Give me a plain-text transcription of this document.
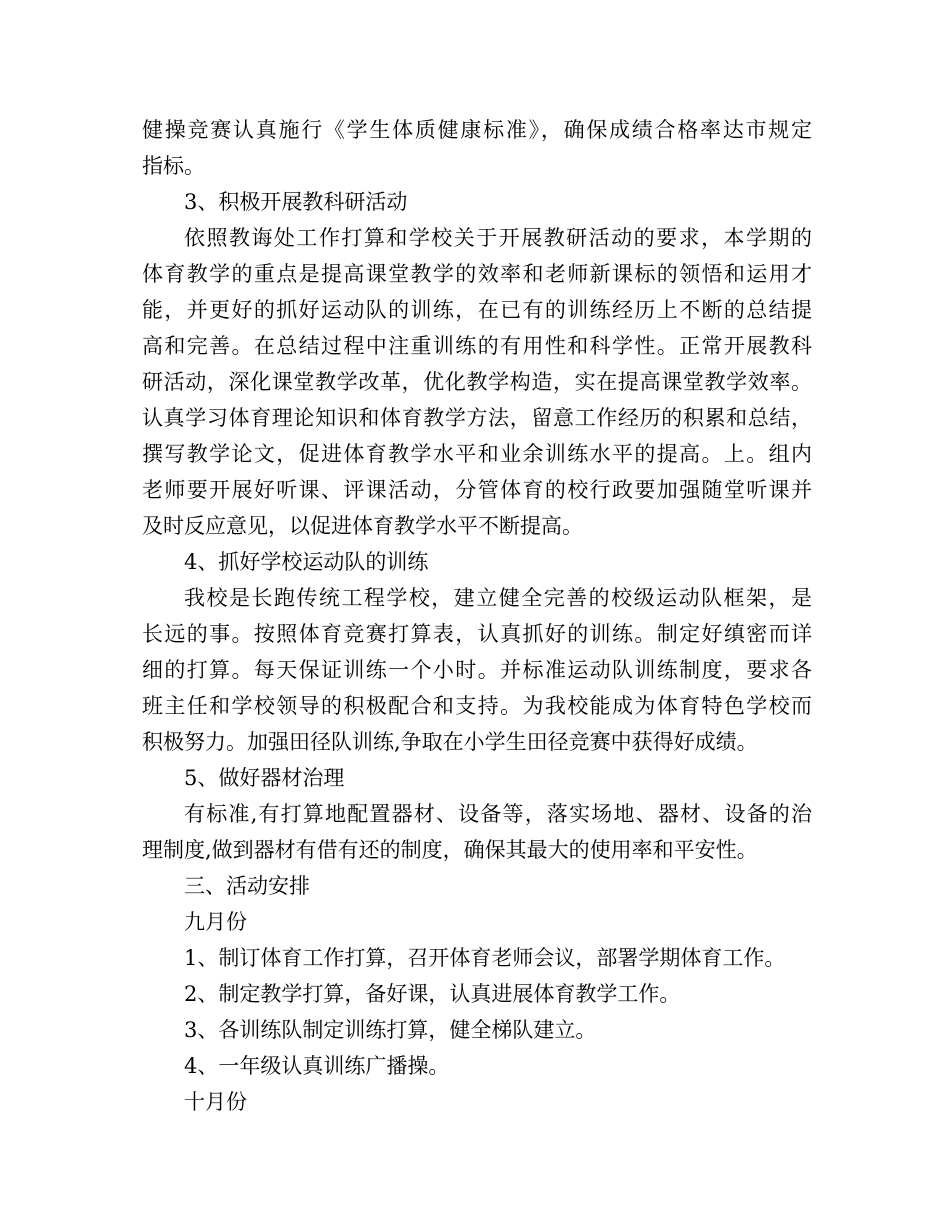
健操竞赛认真施行《学生体质健康标准》，确保成绩合格率达市规定
指标。
3、积极开展教科研活动
依照教诲处工作打算和学校关于开展教研活动的要求，本学期的
体育教学的重点是提高课堂教学的效率和老师新课标的领悟和运用才
能，并更好的抓好运动队的训练，在已有的训练经历上不断的总结提
高和完善。在总结过程中注重训练的有用性和科学性。正常开展教科
研活动，深化课堂教学改革，优化教学构造，实在提高课堂教学效率。
认真学习体育理论知识和体育教学方法，留意工作经历的积累和总结，
撰写教学论文，促进体育教学水平和业余训练水平的提高。上。组内
老师要开展好听课、评课活动，分管体育的校行政要加强随堂听课并
及时反应意见，以促进体育教学水平不断提高。
4、抓好学校运动队的训练
我校是长跑传统工程学校，建立健全完善的校级运动队框架，是
长远的事。按照体育竞赛打算表，认真抓好的训练。制定好缜密而详
细的打算。每天保证训练一个小时。并标准运动队训练制度，要求各
班主任和学校领导的积极配合和支持。为我校能成为体育特色学校而
积极努力。加强田径队训练,争取在小学生田径竞赛中获得好成绩。
5、做好器材治理
有标准,有打算地配置器材、设备等，落实场地、器材、设备的治
理制度,做到器材有借有还的制度，确保其最大的使用率和平安性。
三、活动安排
九月份
1、制订体育工作打算，召开体育老师会议，部署学期体育工作。
2、制定教学打算，备好课，认真进展体育教学工作。
3、各训练队制定训练打算，健全梯队建立。
4、一年级认真训练广播操。
十月份
